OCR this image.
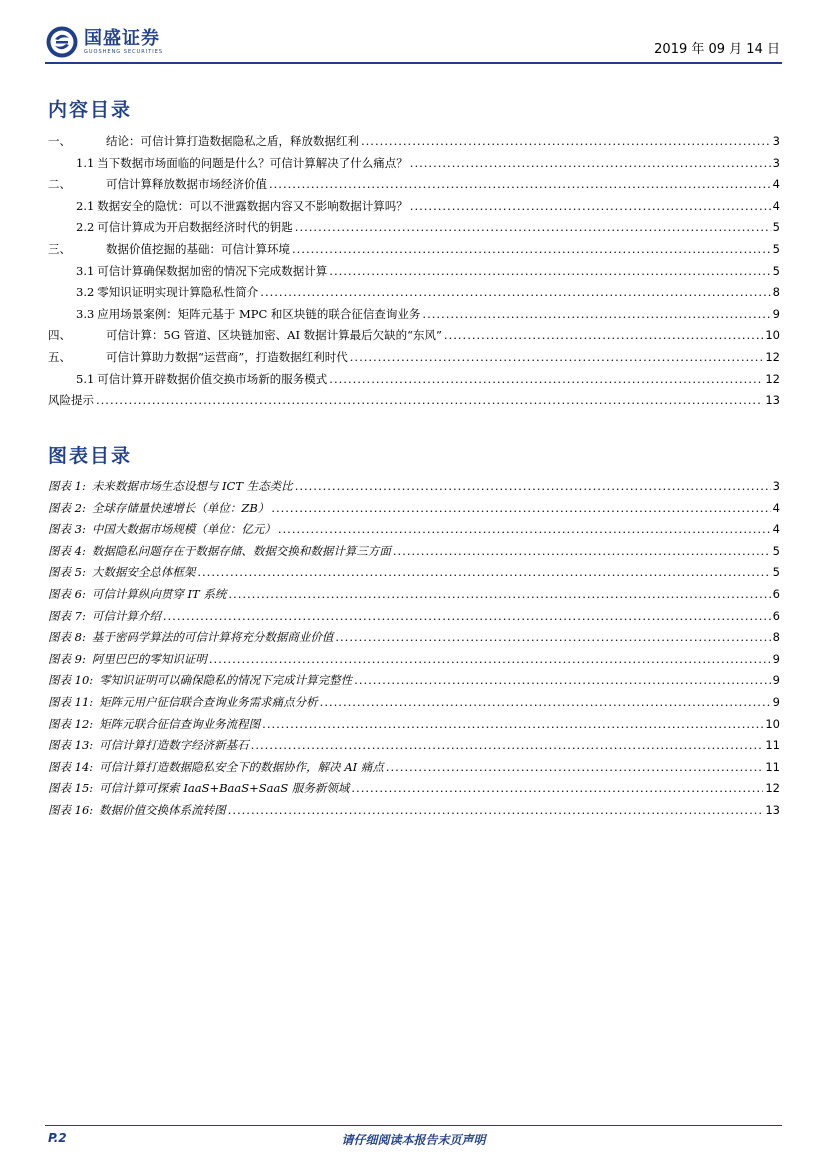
国盛证券
GUOSHENG SECURITIES	2019 年 09 月 14 日
内容目录
一、	结论：可信计算打造数据隐私之盾，释放数据红利 .....	3
1.1 当下数据市场面临的问题是什么？可信计算解决了什么痛点？ .....	3
二、	可信计算释放数据市场经济价值 .....	4
2.1 数据安全的隐忧：可以不泄露数据内容又不影响数据计算吗？ .....	4
2.2 可信计算成为开启数据经济时代的钥匙 .....	5
三、	数据价值挖掘的基础：可信计算环境 .....	5
3.1 可信计算确保数据加密的情况下完成数据计算 .....	5
3.2 零知识证明实现计算隐私性简介 .....	8
3.3 应用场景案例：矩阵元基于 MPC 和区块链的联合征信查询业务 .....	9
四、	可信计算：5G 管道、区块链加密、AI 数据计算最后欠缺的“东风” .....	10
五、	可信计算助力数据“运营商”，打造数据红利时代 .....	12
5.1 可信计算开辟数据价值交换市场新的服务模式 .....	12
风险提示 .....	13
图表目录
图表 1: 未来数据市场生态设想与 ICT 生态类比 .....	3
图表 2: 全球存储量快速增长（单位：ZB） .....	4
图表 3: 中国大数据市场规模（单位：亿元） .....	4
图表 4: 数据隐私问题存在于数据存储、数据交换和数据计算三方面 .....	5
图表 5: 大数据安全总体框架 .....	5
图表 6: 可信计算纵向贯穿 IT 系统 .....	6
图表 7: 可信计算介绍 .....	6
图表 8: 基于密码学算法的可信计算将充分数据商业价值 .....	8
图表 9: 阿里巴巴的零知识证明 .....	9
图表 10: 零知识证明可以确保隐私的情况下完成计算完整性 .....	9
图表 11: 矩阵元用户征信联合查询业务需求痛点分析 .....	9
图表 12: 矩阵元联合征信查询业务流程图 .....	10
图表 13: 可信计算打造数字经济新基石 .....	11
图表 14: 可信计算打造数据隐私安全下的数据协作，解决 AI 痛点 .....	11
图表 15: 可信计算可探索 IaaS+BaaS+SaaS 服务新领域 .....	12
图表 16: 数据价值交换体系流转图 .....	13
P.2	请仔细阅读本报告末页声明
